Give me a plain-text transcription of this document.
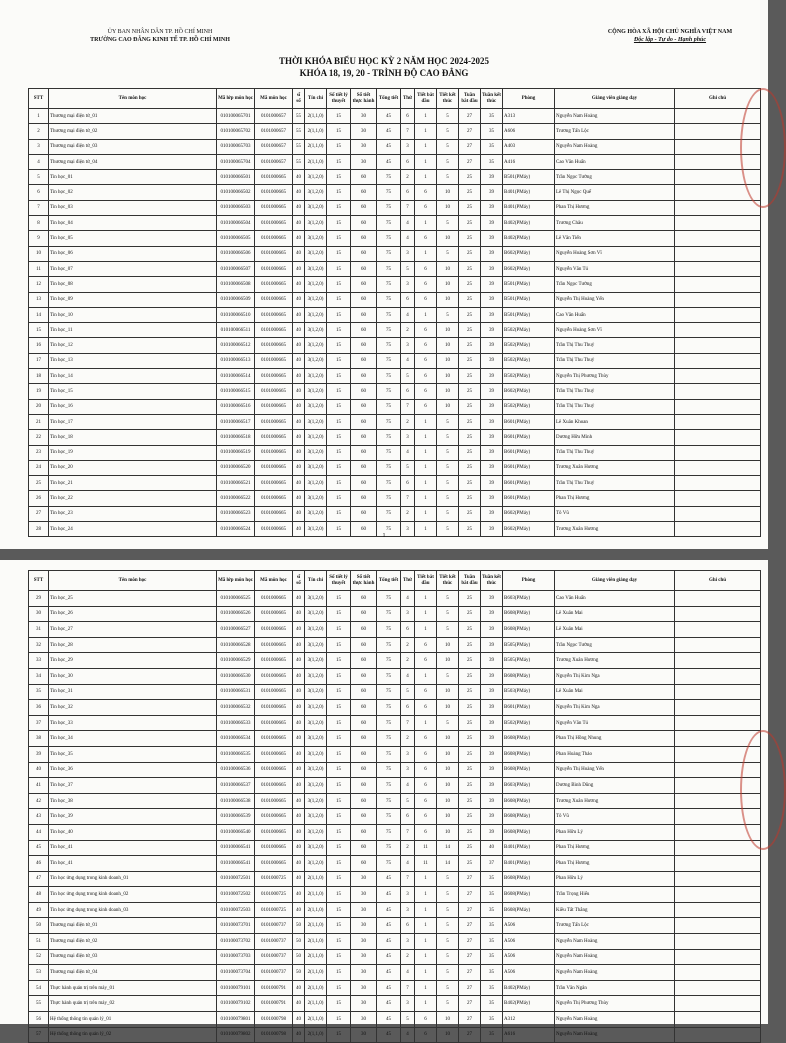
ỦY BAN NHÂN DÂN TP. HỒ CHÍ MINH
TRƯỜNG CAO ĐẲNG KINH TẾ TP. HỒ CHÍ MINH
CỘNG HÒA XÃ HỘI CHỦ NGHĨA VIỆT NAM
Độc lập - Tự do - Hạnh phúc
THỜI KHÓA BIỂU HỌC KỲ 2 NĂM HỌC 2024-2025
KHÓA 18, 19, 20 - TRÌNH ĐỘ CAO ĐẲNG
STT	Tên môn học	Mã lớp môn học	Mã môn học	sĩ số	Tín chỉ	Số tiết lý thuyết	Số tiết thực hành	Tổng tiết	Thứ	Tiết bắt đầu	Tiết kết thúc	Tuần bắt đầu	Tuần kết thúc	Phòng	Giảng viên giảng dạy	Ghi chú
1	Thương mại điện tử_01	010100065701	0101000657	55	2(1,1,0)	15	30	45	6	1	5	27	35	A313	Nguyễn Nam Hoàng	
2	Thương mại điện tử_02	010100065702	0101000657	55	2(1,1,0)	15	30	45	7	1	5	27	35	A606	Trương Tấn Lộc	
3	Thương mại điện tử_03	010100065703	0101000657	55	2(1,1,0)	15	30	45	3	1	5	27	35	A403	Nguyễn Nam Hoàng	
4	Thương mại điện tử_04	010100065704	0101000657	55	2(1,1,0)	15	30	45	6	1	5	27	35	A416	Cao Văn Huấn	
5	Tin học_01	010100066501	0101000665	40	3(1,2,0)	15	60	75	2	1	5	25	39	B501(PMáy)	Trần Ngọc Tường	
6	Tin học_02	010100066502	0101000665	40	3(1,2,0)	15	60	75	6	6	10	25	39	B401(PMáy)	Lê Thị Ngọc Quế	
7	Tin học_03	010100066503	0101000665	40	3(1,2,0)	15	60	75	7	6	10	25	39	B401(PMáy)	Phan Thị Hương	
8	Tin học_04	010100066504	0101000665	40	3(1,2,0)	15	60	75	4	1	5	25	39	B402(PMáy)	Trương Châu	
9	Tin học_05	010100066505	0101000665	40	3(1,2,0)	15	60	75	4	6	10	25	39	B402(PMáy)	Lê Văn Tiến	
10	Tin học_06	010100066506	0101000665	40	3(1,2,0)	15	60	75	3	1	5	25	39	B602(PMáy)	Nguyễn Hoàng Sơn Vĩ	
11	Tin học_07	010100066507	0101000665	40	3(1,2,0)	15	60	75	5	6	10	25	39	B602(PMáy)	Nguyễn Văn Tú	
12	Tin học_08	010100066508	0101000665	40	3(1,2,0)	15	60	75	3	6	10	25	39	B501(PMáy)	Trần Ngọc Tường	
13	Tin học_09	010100066509	0101000665	40	3(1,2,0)	15	60	75	6	6	10	25	39	B501(PMáy)	Nguyễn Thị Hoàng Yến	
14	Tin học_10	010100066510	0101000665	40	3(1,2,0)	15	60	75	4	1	5	25	39	B501(PMáy)	Cao Văn Huấn	
15	Tin học_11	010100066511	0101000665	40	3(1,2,0)	15	60	75	2	6	10	25	39	B502(PMáy)	Nguyễn Hoàng Sơn Vĩ	
16	Tin học_12	010100066512	0101000665	40	3(1,2,0)	15	60	75	3	6	10	25	39	B502(PMáy)	Trần Thị Thu Thuỷ	
17	Tin học_13	010100066513	0101000665	40	3(1,2,0)	15	60	75	4	6	10	25	39	B502(PMáy)	Trần Thị Thu Thuỷ	
18	Tin học_14	010100066514	0101000665	40	3(1,2,0)	15	60	75	5	6	10	25	39	B502(PMáy)	Nguyễn Thị Phương Thùy	
19	Tin học_15	010100066515	0101000665	40	3(1,2,0)	15	60	75	6	6	10	25	39	B602(PMáy)	Trần Thị Thu Thuỷ	
20	Tin học_16	010100066516	0101000665	40	3(1,2,0)	15	60	75	7	6	10	25	39	B502(PMáy)	Trần Thị Thu Thuỷ	
21	Tin học_17	010100066517	0101000665	40	3(1,2,0)	15	60	75	2	1	5	25	39	B601(PMáy)	Lê Xuân Khoan	
22	Tin học_18	010100066518	0101000665	40	3(1,2,0)	15	60	75	3	1	5	25	39	B601(PMáy)	Dương Hữu Minh	
23	Tin học_19	010100066519	0101000665	40	3(1,2,0)	15	60	75	4	1	5	25	39	B601(PMáy)	Trần Thị Thu Thuỷ	
24	Tin học_20	010100066520	0101000665	40	3(1,2,0)	15	60	75	5	1	5	25	39	B601(PMáy)	Trương Xuân Hương	
25	Tin học_21	010100066521	0101000665	40	3(1,2,0)	15	60	75	6	1	5	25	39	B601(PMáy)	Trần Thị Thu Thuỷ	
26	Tin học_22	010100066522	0101000665	40	3(1,2,0)	15	60	75	7	1	5	25	39	B601(PMáy)	Phan Thị Hương	
27	Tin học_23	010100066523	0101000665	40	3(1,2,0)	15	60	75	2	1	5	25	39	B602(PMáy)	Tô Vũ	
28	Tin học_24	010100066524	0101000665	40	3(1,2,0)	15	60	75	3	1	5	25	39	B602(PMáy)	Trương Xuân Hương	
1
STT	Tên môn học	Mã lớp môn học	Mã môn học	sĩ số	Tín chỉ	Số tiết lý thuyết	Số tiết thực hành	Tổng tiết	Thứ	Tiết bắt đầu	Tiết kết thúc	Tuần bắt đầu	Tuần kết thúc	Phòng	Giảng viên giảng dạy	Ghi chú
29	Tin học_25	010100066525	0101000665	40	3(1,2,0)	15	60	75	4	1	5	25	39	B603(PMáy)	Cao Văn Huấn	
30	Tin học_26	010100066526	0101000665	40	3(1,2,0)	15	60	75	3	1	5	25	39	B608(PMáy)	Lê Xuân Mai	
31	Tin học_27	010100066527	0101000665	40	3(1,2,0)	15	60	75	6	1	5	25	39	B608(PMáy)	Lê Xuân Mai	
32	Tin học_28	010100066528	0101000665	40	3(1,2,0)	15	60	75	2	6	10	25	39	B505(PMáy)	Trần Ngọc Tường	
33	Tin học_29	010100066529	0101000665	40	3(1,2,0)	15	60	75	2	6	10	25	39	B505(PMáy)	Trương Xuân Hương	
34	Tin học_30	010100066530	0101000665	40	3(1,2,0)	15	60	75	4	1	5	25	39	B608(PMáy)	Nguyễn Thị Kim Nga	
35	Tin học_31	010100066531	0101000665	40	3(1,2,0)	15	60	75	5	6	10	25	39	B503(PMáy)	Lê Xuân Mai	
36	Tin học_32	010100066532	0101000665	40	3(1,2,0)	15	60	75	6	6	10	25	39	B601(PMáy)	Nguyễn Thị Kim Nga	
37	Tin học_33	010100066533	0101000665	40	3(1,2,0)	15	60	75	7	1	5	25	39	B502(PMáy)	Nguyễn Văn Tú	
38	Tin học_34	010100066534	0101000665	40	3(1,2,0)	15	60	75	2	6	10	25	39	B608(PMáy)	Phan Thị Hồng Nhung	
39	Tin học_35	010100066535	0101000665	40	3(1,2,0)	15	60	75	3	6	10	25	39	B608(PMáy)	Phan Hoàng Thảo	
40	Tin học_36	010100066536	0101000665	40	3(1,2,0)	15	60	75	3	6	10	25	39	B608(PMáy)	Nguyễn Thị Hoàng Yến	
41	Tin học_37	010100066537	0101000665	40	3(1,2,0)	15	60	75	4	6	10	25	39	B603(PMáy)	Dương Bình Dũng	
42	Tin học_38	010100066538	0101000665	40	3(1,2,0)	15	60	75	5	6	10	25	39	B608(PMáy)	Trương Xuân Hương	
43	Tin học_39	010100066539	0101000665	40	3(1,2,0)	15	60	75	6	6	10	25	39	B608(PMáy)	Tô Vũ	
44	Tin học_40	010100066540	0101000665	40	3(1,2,0)	15	60	75	7	6	10	25	39	B608(PMáy)	Phan Hữu Lý	
45	Tin học_41	010100066541	0101000665	40	3(1,2,0)	15	60	75	2	11	14	25	40	B401(PMáy)	Phan Thị Hương	
46	Tin học_41	010100066541	0101000665	40	3(1,2,0)	15	60	75	4	11	14	25	37	B401(PMáy)	Phan Thị Hương	
47	Tin học ứng dụng trong kinh doanh_01	010100072501	0101000725	40	2(1,1,0)	15	30	45	7	1	5	27	35	B608(PMáy)	Phan Hữu Lý	
48	Tin học ứng dụng trong kinh doanh_02	010100072502	0101000725	40	2(1,1,0)	15	30	45	3	1	5	27	35	B608(PMáy)	Trần Trọng Hiếu	
49	Tin học ứng dụng trong kinh doanh_03	010100072503	0101000725	40	2(1,1,0)	15	30	45	3	1	5	27	35	B608(PMáy)	Kiều Tất Thắng	
50	Thương mại điện tử_01	010100073701	0101000737	50	2(1,1,0)	15	30	45	6	1	5	27	35	A506	Trương Tấn Lộc	
51	Thương mại điện tử_02	010100073702	0101000737	50	2(1,1,0)	15	30	45	3	1	5	27	35	A506	Nguyễn Nam Hoàng	
52	Thương mại điện tử_03	010100073703	0101000737	50	2(1,1,0)	15	30	45	2	1	5	27	35	A506	Nguyễn Nam Hoàng	
53	Thương mại điện tử_04	010100073704	0101000737	50	2(1,1,0)	15	30	45	4	1	5	27	35	A506	Nguyễn Nam Hoàng	
54	Thực hành quản trị trên máy_01	010100079101	0101000791	40	2(1,1,0)	15	30	45	7	1	5	27	35	B402(PMáy)	Trần Văn Ngân	
55	Thực hành quản trị trên máy_02	010100079102	0101000791	40	2(1,1,0)	15	30	45	3	1	5	27	35	B402(PMáy)	Nguyễn Thị Phương Thùy	
56	Hệ thống thông tin quản lý_01	010100079801	0101000798	40	2(1,1,0)	15	30	45	5	6	10	27	35	A312	Nguyễn Nam Hoàng	
57	Hệ thống thông tin quản lý_02	010100079802	0101000798	40	2(1,1,0)	15	30	45	4	6	10	27	35	A616	Nguyễn Nam Hoàng	
